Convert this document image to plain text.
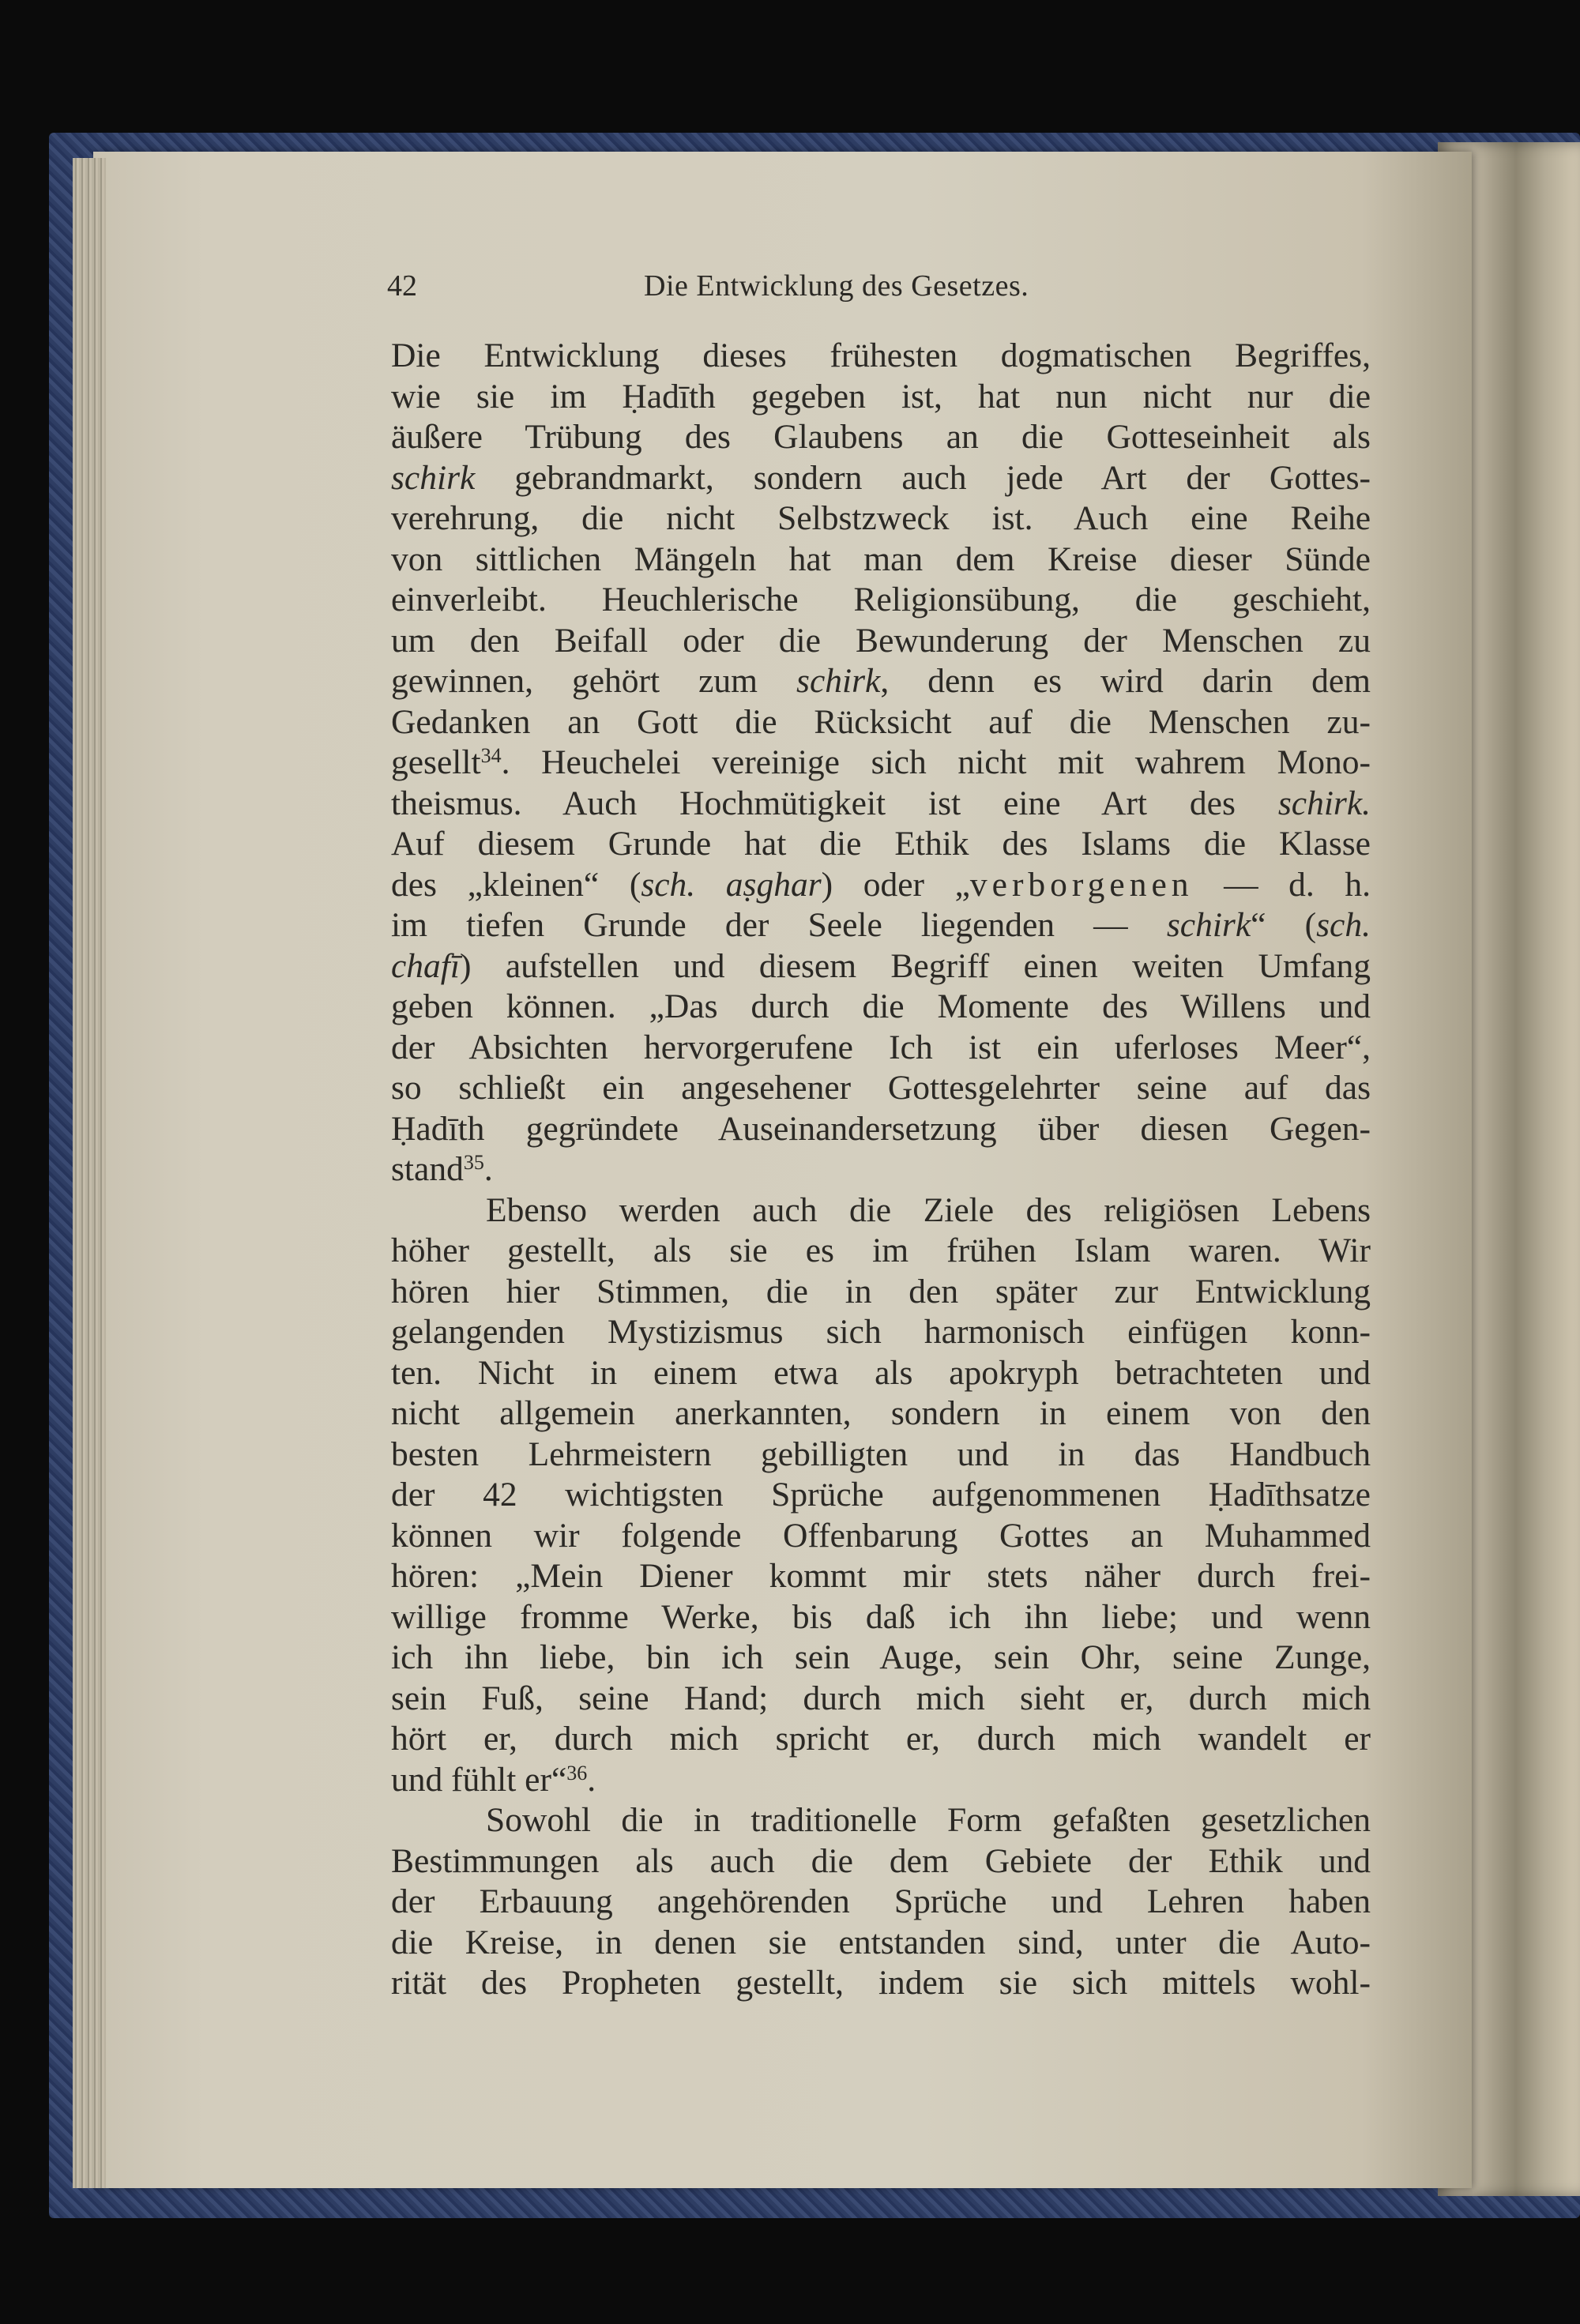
42	Die Entwicklung des Gesetzes.
Die Entwicklung dieses frühesten dogmatischen Begriffes,
wie sie im Ḥadīth gegeben ist, hat nun nicht nur die
äußere Trübung des Glaubens an die Gotteseinheit als
schirk gebrandmarkt, sondern auch jede Art der Gottes-
verehrung, die nicht Selbstzweck ist. Auch eine Reihe
von sittlichen Mängeln hat man dem Kreise dieser Sünde
einverleibt. Heuchlerische Religionsübung, die geschieht,
um den Beifall oder die Bewunderung der Menschen zu
gewinnen, gehört zum schirk, denn es wird darin dem
Gedanken an Gott die Rücksicht auf die Menschen zu-
gesellt$^{34}$. Heuchelei vereinige sich nicht mit wahrem Mono-
theismus. Auch Hochmütigkeit ist eine Art des schirk.
Auf diesem Grunde hat die Ethik des Islams die Klasse
des „kleinen“ (sch. aṣghar) oder „verborgenen — d. h.
im tiefen Grunde der Seele liegenden — schirk“ (sch.
chafī) aufstellen und diesem Begriff einen weiten Umfang
geben können. „Das durch die Momente des Willens und
der Absichten hervorgerufene Ich ist ein uferloses Meer“,
so schließt ein angesehener Gottesgelehrter seine auf das
Ḥadīth gegründete Auseinandersetzung über diesen Gegen-
stand$^{35}$.
Ebenso werden auch die Ziele des religiösen Lebens
höher gestellt, als sie es im frühen Islam waren. Wir
hören hier Stimmen, die in den später zur Entwicklung
gelangenden Mystizismus sich harmonisch einfügen konn-
ten. Nicht in einem etwa als apokryph betrachteten und
nicht allgemein anerkannten, sondern in einem von den
besten Lehrmeistern gebilligten und in das Handbuch
der 42 wichtigsten Sprüche aufgenommenen Ḥadīthsatze
können wir folgende Offenbarung Gottes an Muhammed
hören: „Mein Diener kommt mir stets näher durch frei-
willige fromme Werke, bis daß ich ihn liebe; und wenn
ich ihn liebe, bin ich sein Auge, sein Ohr, seine Zunge,
sein Fuß, seine Hand; durch mich sieht er, durch mich
hört er, durch mich spricht er, durch mich wandelt er
und fühlt er“$^{36}$.
Sowohl die in traditionelle Form gefaßten gesetzlichen
Bestimmungen als auch die dem Gebiete der Ethik und
der Erbauung angehörenden Sprüche und Lehren haben
die Kreise, in denen sie entstanden sind, unter die Auto-
rität des Propheten gestellt, indem sie sich mittels wohl-
